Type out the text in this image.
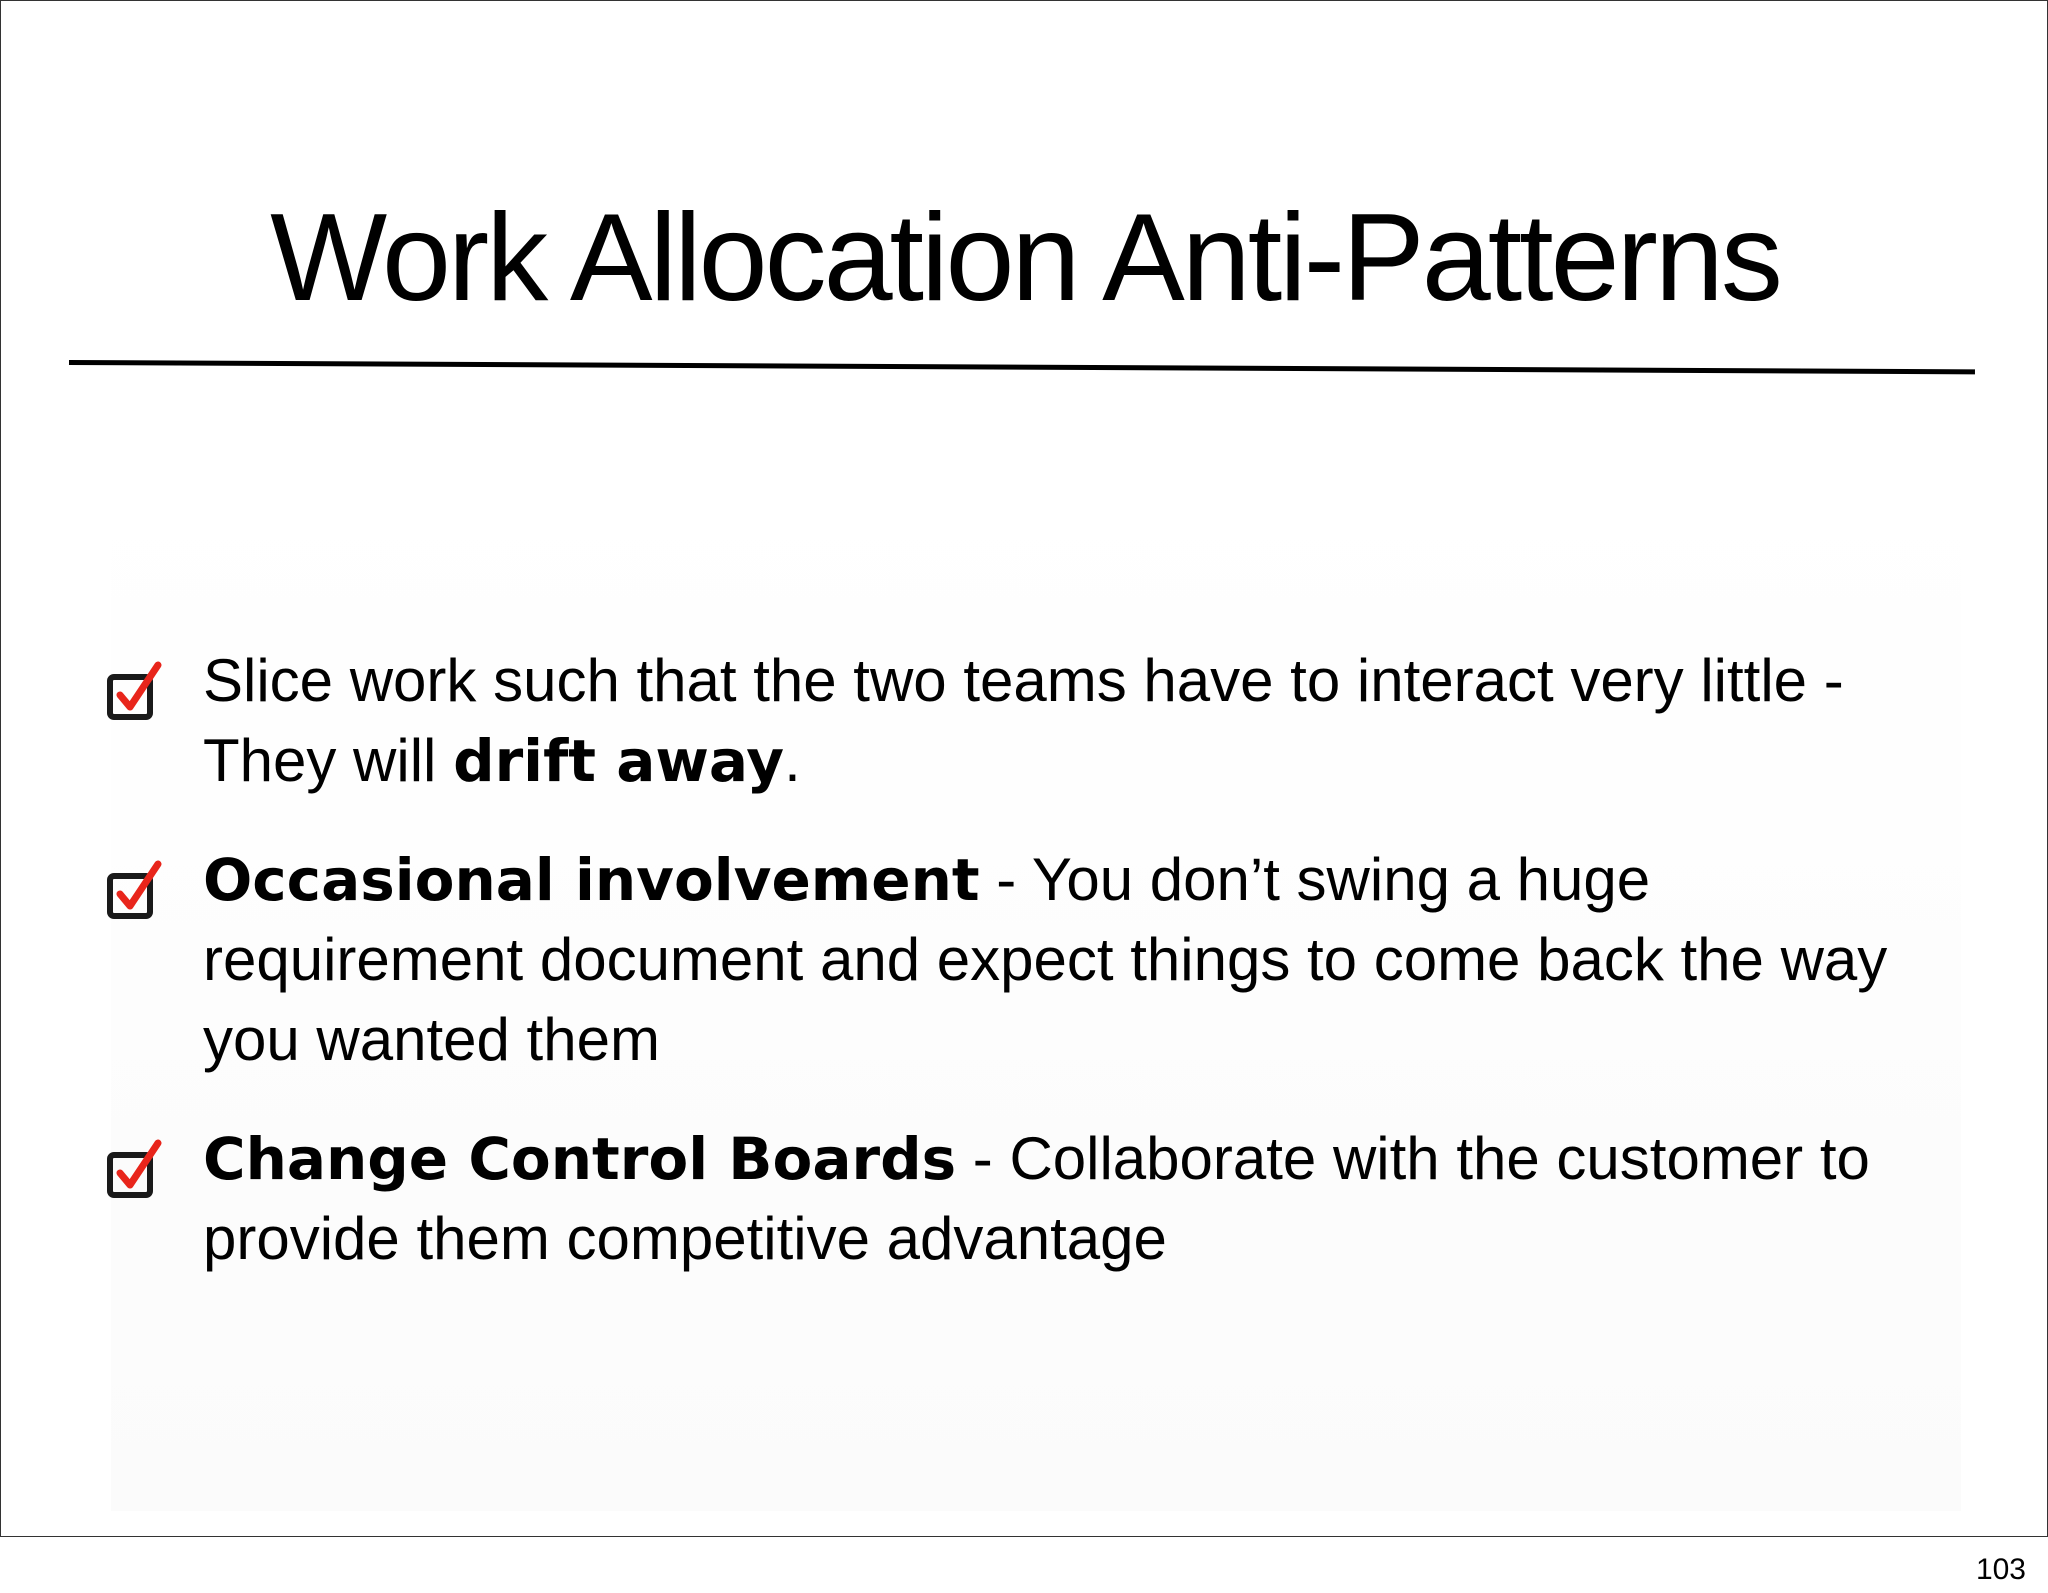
Work Allocation Anti-Patterns
Slice work such that the two teams have to interact very little - They will drift away.
Occasional involvement - You don’t swing a huge requirement document and expect things to come back the way you wanted them
Change Control Boards - Collaborate with the customer to provide them competitive advantage
103
